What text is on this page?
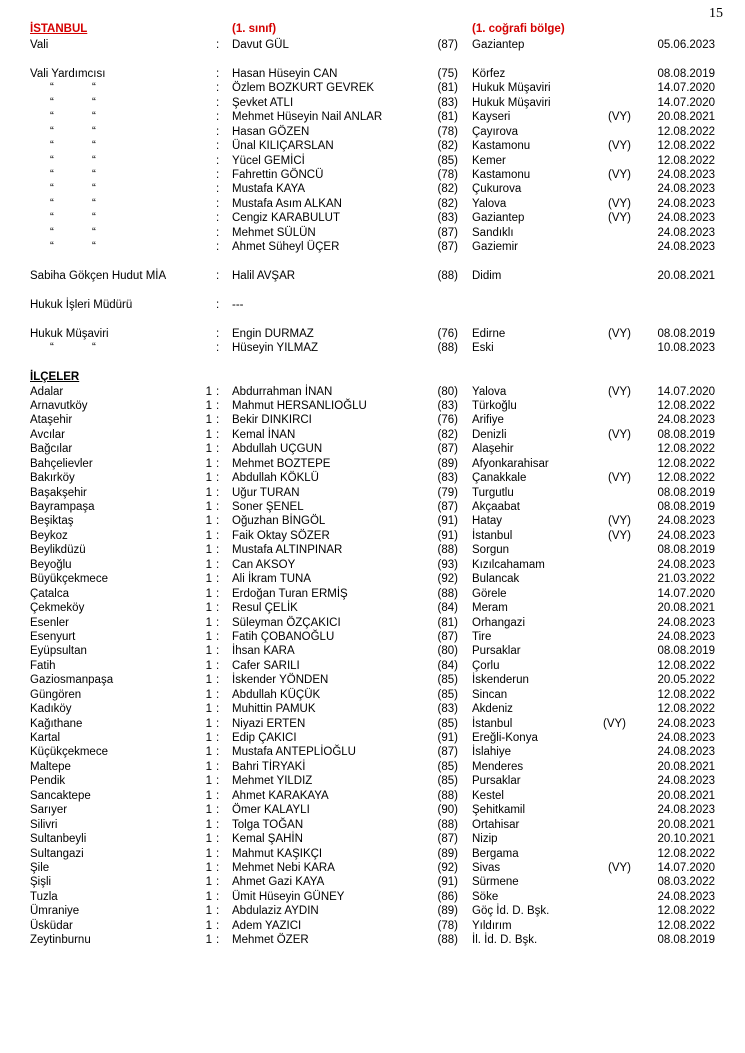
15
İSTANBUL	(1. sınıf)	(1. coğrafi bölge)
Vali	: Davut GÜL	(87) Gaziantep	05.06.2023
Vali Yardımcısı	: Hasan Hüseyin CAN	(75) Körfez	08.08.2019
“	“	: Özlem BOZKURT GEVREK	(81) Hukuk Müşaviri	14.07.2020
“	“	: Şevket ATLI	(83) Hukuk Müşaviri	14.07.2020
“	“	: Mehmet Hüseyin Nail ANLAR	(81) Kayseri	(VY)	20.08.2021
“	“	: Hasan GÖZEN	(78) Çayırova	12.08.2022
“	“	: Ünal KILIÇARSLAN	(82) Kastamonu	(VY)	12.08.2022
“	“	: Yücel GEMİCİ	(85) Kemer	12.08.2022
“	“	: Fahrettin GÖNCÜ	(78) Kastamonu	(VY)	24.08.2023
“	“	: Mustafa KAYA	(82) Çukurova	24.08.2023
“	“	: Mustafa Asım ALKAN	(82) Yalova	(VY)	24.08.2023
“	“	: Cengiz KARABULUT	(83) Gaziantep	(VY)	24.08.2023
“	“	: Mehmet SÜLÜN	(87) Sandıklı	24.08.2023
“	“	: Ahmet Süheyl ÜÇER	(87) Gaziemir	24.08.2023
Sabiha Gökçen Hudut MİA	: Halil AVŞAR	(88) Didim	20.08.2021
Hukuk İşleri Müdürü	: ---
Hukuk Müşaviri	: Engin DURMAZ	(76) Edirne	(VY)	08.08.2019
“	“	: Hüseyin YILMAZ	(88) Eski	10.08.2023
İLÇELER
Adalar	1 : Abdurrahman İNAN	(80) Yalova	(VY)	14.07.2020
Arnavutköy	1 : Mahmut HERSANLIOĞLU	(83) Türkoğlu	12.08.2022
Ataşehir	1 : Bekir DINKIRCI	(76) Arifiye	24.08.2023
Avcılar	1 : Kemal İNAN	(82) Denizli	(VY)	08.08.2019
Bağcılar	1 : Abdullah UÇGUN	(87) Alaşehir	12.08.2022
Bahçelievler	1 : Mehmet BOZTEPE	(89) Afyonkarahisar	12.08.2022
Bakırköy	1 : Abdullah KÖKLÜ	(83) Çanakkale	(VY)	12.08.2022
Başakşehir	1 : Uğur TURAN	(79) Turgutlu	08.08.2019
Bayrampaşa	1 : Soner ŞENEL	(87) Akçaabat	08.08.2019
Beşiktaş	1 : Oğuzhan BİNGÖL	(91) Hatay	(VY)	24.08.2023
Beykoz	1 : Faik Oktay SÖZER	(91) İstanbul	(VY)	24.08.2023
Beylikdüzü	1 : Mustafa ALTINPINAR	(88) Sorgun	08.08.2019
Beyoğlu	1 : Can AKSOY	(93) Kızılcahamam	24.08.2023
Büyükçekmece	1 : Ali İkram TUNA	(92) Bulancak	21.03.2022
Çatalca	1 : Erdoğan Turan ERMİŞ	(88) Görele	14.07.2020
Çekmeköy	1 : Resul ÇELİK	(84) Meram	20.08.2021
Esenler	1 : Süleyman ÖZÇAKICI	(81) Orhangazi	24.08.2023
Esenyurt	1 : Fatih ÇOBANOĞLU	(87) Tire	24.08.2023
Eyüpsultan	1 : İhsan KARA	(80) Pursaklar	08.08.2019
Fatih	1 : Cafer SARILI	(84) Çorlu	12.08.2022
Gaziosmanpaşa	1 : İskender YÖNDEN	(85) İskenderun	20.05.2022
Güngören	1 : Abdullah KÜÇÜK	(85) Sincan	12.08.2022
Kadıköy	1 : Muhittin PAMUK	(83) Akdeniz	12.08.2022
Kağıthane	1 : Niyazi ERTEN	(85) İstanbul	(VY)	24.08.2023
Kartal	1 : Edip ÇAKICI	(91) Ereğli-Konya	24.08.2023
Küçükçekmece	1 : Mustafa ANTEPLİOĞLU	(87) İslahiye	24.08.2023
Maltepe	1 : Bahri TİRYAKİ	(85) Menderes	20.08.2021
Pendik	1 : Mehmet YILDIZ	(85) Pursaklar	24.08.2023
Sancaktepe	1 : Ahmet KARAKAYA	(88) Kestel	20.08.2021
Sarıyer	1 : Ömer KALAYLI	(90) Şehitkamil	24.08.2023
Silivri	1 : Tolga TOĞAN	(88) Ortahisar	20.08.2021
Sultanbeyli	1 : Kemal ŞAHİN	(87) Nizip	20.10.2021
Sultangazi	1 : Mahmut KAŞIKÇI	(89) Bergama	12.08.2022
Şile	1 : Mehmet Nebi KARA	(92) Sivas	(VY)	14.07.2020
Şişli	1 : Ahmet Gazi KAYA	(91) Sürmene	08.03.2022
Tuzla	1 : Ümit Hüseyin GÜNEY	(86) Söke	24.08.2023
Ümraniye	1 : Abdulaziz AYDIN	(89) Göç İd. D. Bşk.	12.08.2022
Üsküdar	1 : Adem YAZICI	(78) Yıldırım	12.08.2022
Zeytinburnu	1 : Mehmet ÖZER	(88) İl. İd. D. Bşk.	08.08.2019
